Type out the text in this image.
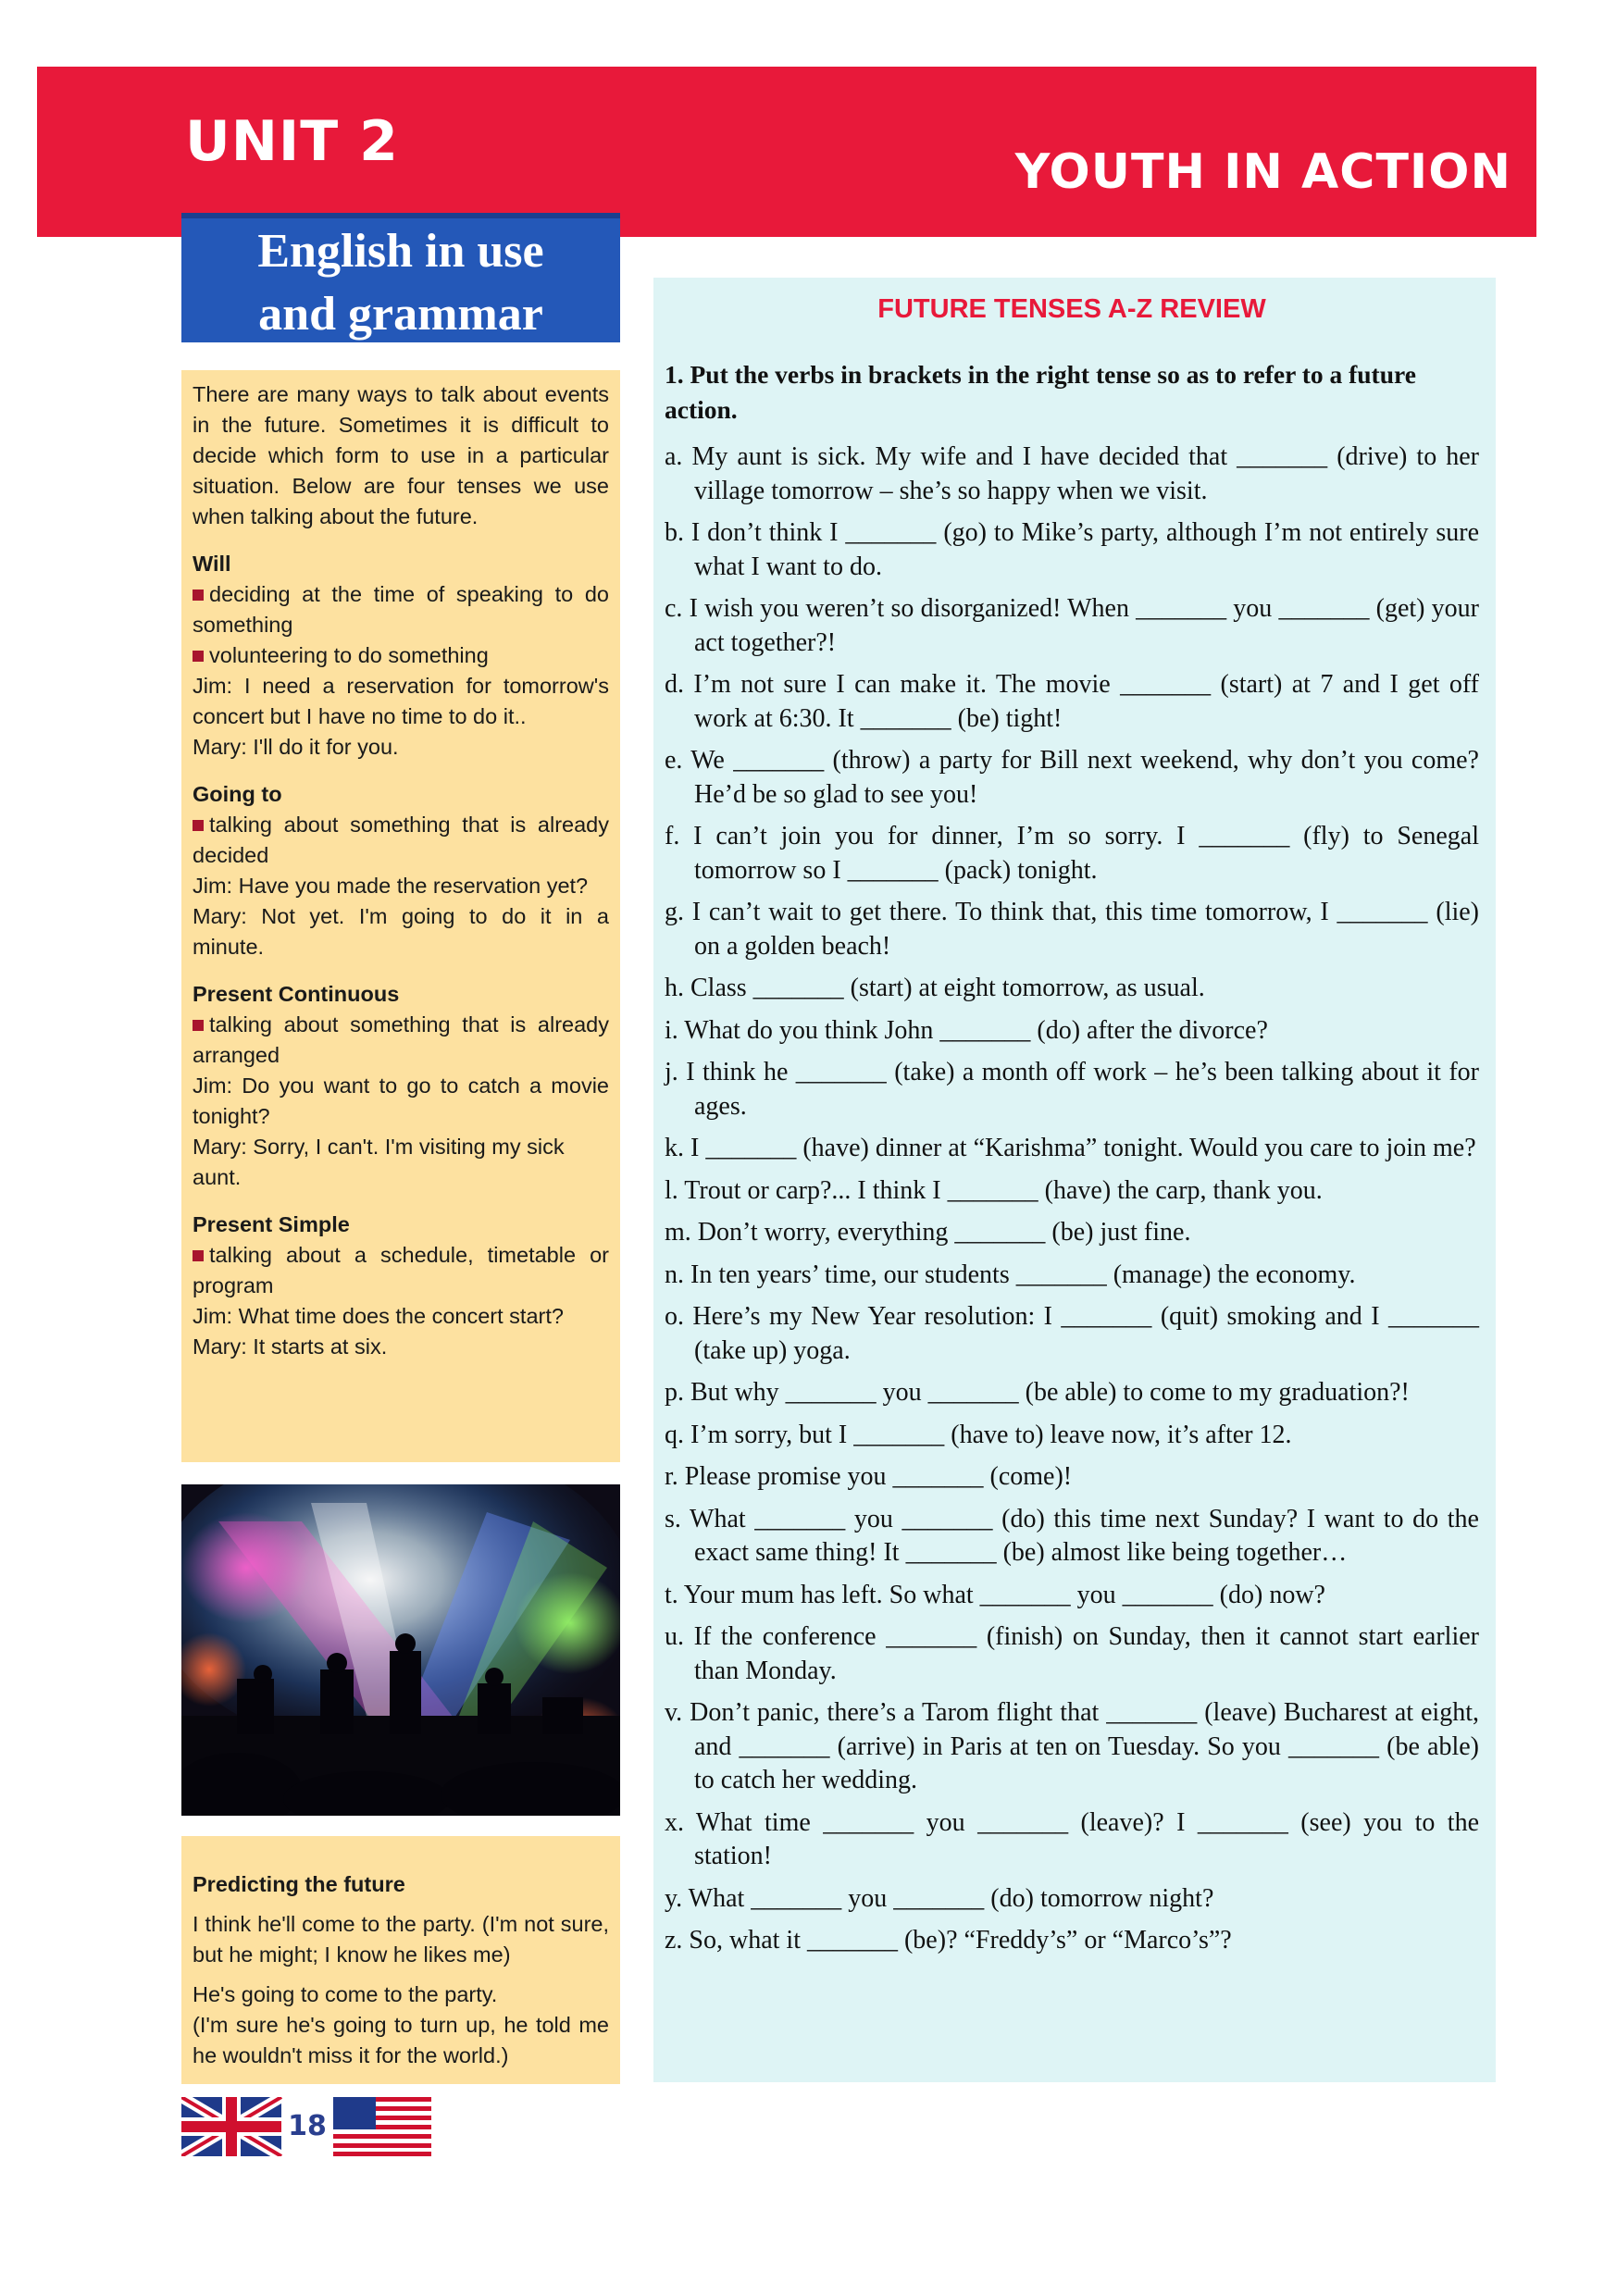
UNIT 2	YOUTH IN ACTION
English in use
and grammar

There are many ways to talk about events in the future. Sometimes it is difficult to decide which form to use in a particular situation. Below are four tenses we use when talking about the future.

Will

deciding at the time of speaking to do something

volunteering to do something

Jim: I need a reservation for tomorrow's concert but I have no time to do it..

Mary: I'll do it for you.

Going to

talking about something that is already decided

Jim: Have you made the reservation yet?

Mary: Not yet. I'm going to do it in a minute.

Present Continuous

talking about something that is already arranged

Jim: Do you want to go to catch a movie tonight?

Mary: Sorry, I can't. I'm visiting my sick aunt.

Present Simple

talking about a schedule, timetable or program

Jim: What time does the concert start?

Mary: It starts at six.

Predicting the future

I think he'll come to the party. (I'm not sure, but he might; I know he likes me)

He's going to come to the party.

(I'm sure he's going to turn up, he told me he wouldn't miss it for the world.)

18

FUTURE TENSES A-Z REVIEW

1. Put the verbs in brackets in the right tense so as to refer to a future action.

a. My aunt is sick. My wife and I have decided that _______ (drive) to her village tomorrow – she’s so happy when we visit.

b. I don’t think I _______ (go) to Mike’s party, although I’m not entirely sure what I want to do.

c. I wish you weren’t so disorganized! When _______ you _______ (get) your act together?!

d. I’m not sure I can make it. The movie _______ (start) at 7 and I get off work at 6:30. It _______ (be) tight!

e. We _______ (throw) a party for Bill next weekend, why don’t you come? He’d be so glad to see you!

f. I can’t join you for dinner, I’m so sorry. I _______ (fly) to Senegal tomorrow so I _______ (pack) tonight.

g. I can’t wait to get there. To think that, this time tomorrow, I _______ (lie) on a golden beach!

h. Class _______ (start) at eight tomorrow, as usual.

i. What do you think John _______ (do) after the divorce?

j. I think he _______ (take) a month off work – he’s been talking about it for ages.

k. I _______ (have) dinner at “Karishma” tonight. Would you care to join me?

l. Trout or carp?... I think I _______ (have) the carp, thank you.

m. Don’t worry, everything _______ (be) just fine.

n. In ten years’ time, our students _______ (manage) the economy.

o. Here’s my New Year resolution: I _______ (quit) smoking and I _______ (take up) yoga.

p. But why _______ you _______ (be able) to come to my graduation?!

q. I’m sorry, but I _______ (have to) leave now, it’s after 12.

r. Please promise you _______ (come)!

s. What _______ you _______ (do) this time next Sunday? I want to do the exact same thing! It _______ (be) almost like being together…

t. Your mum has left. So what _______ you _______ (do) now?

u. If the conference _______ (finish) on Sunday, then it cannot start earlier than Monday.

v. Don’t panic, there’s a Tarom flight that _______ (leave) Bucharest at eight, and _______ (arrive) in Paris at ten on Tuesday. So you _______ (be able) to catch her wedding.

x. What time _______ you _______ (leave)? I _______ (see) you to the station!

y. What _______ you _______ (do) tomorrow night?

z. So, what it _______ (be)? “Freddy’s” or “Marco’s”?
